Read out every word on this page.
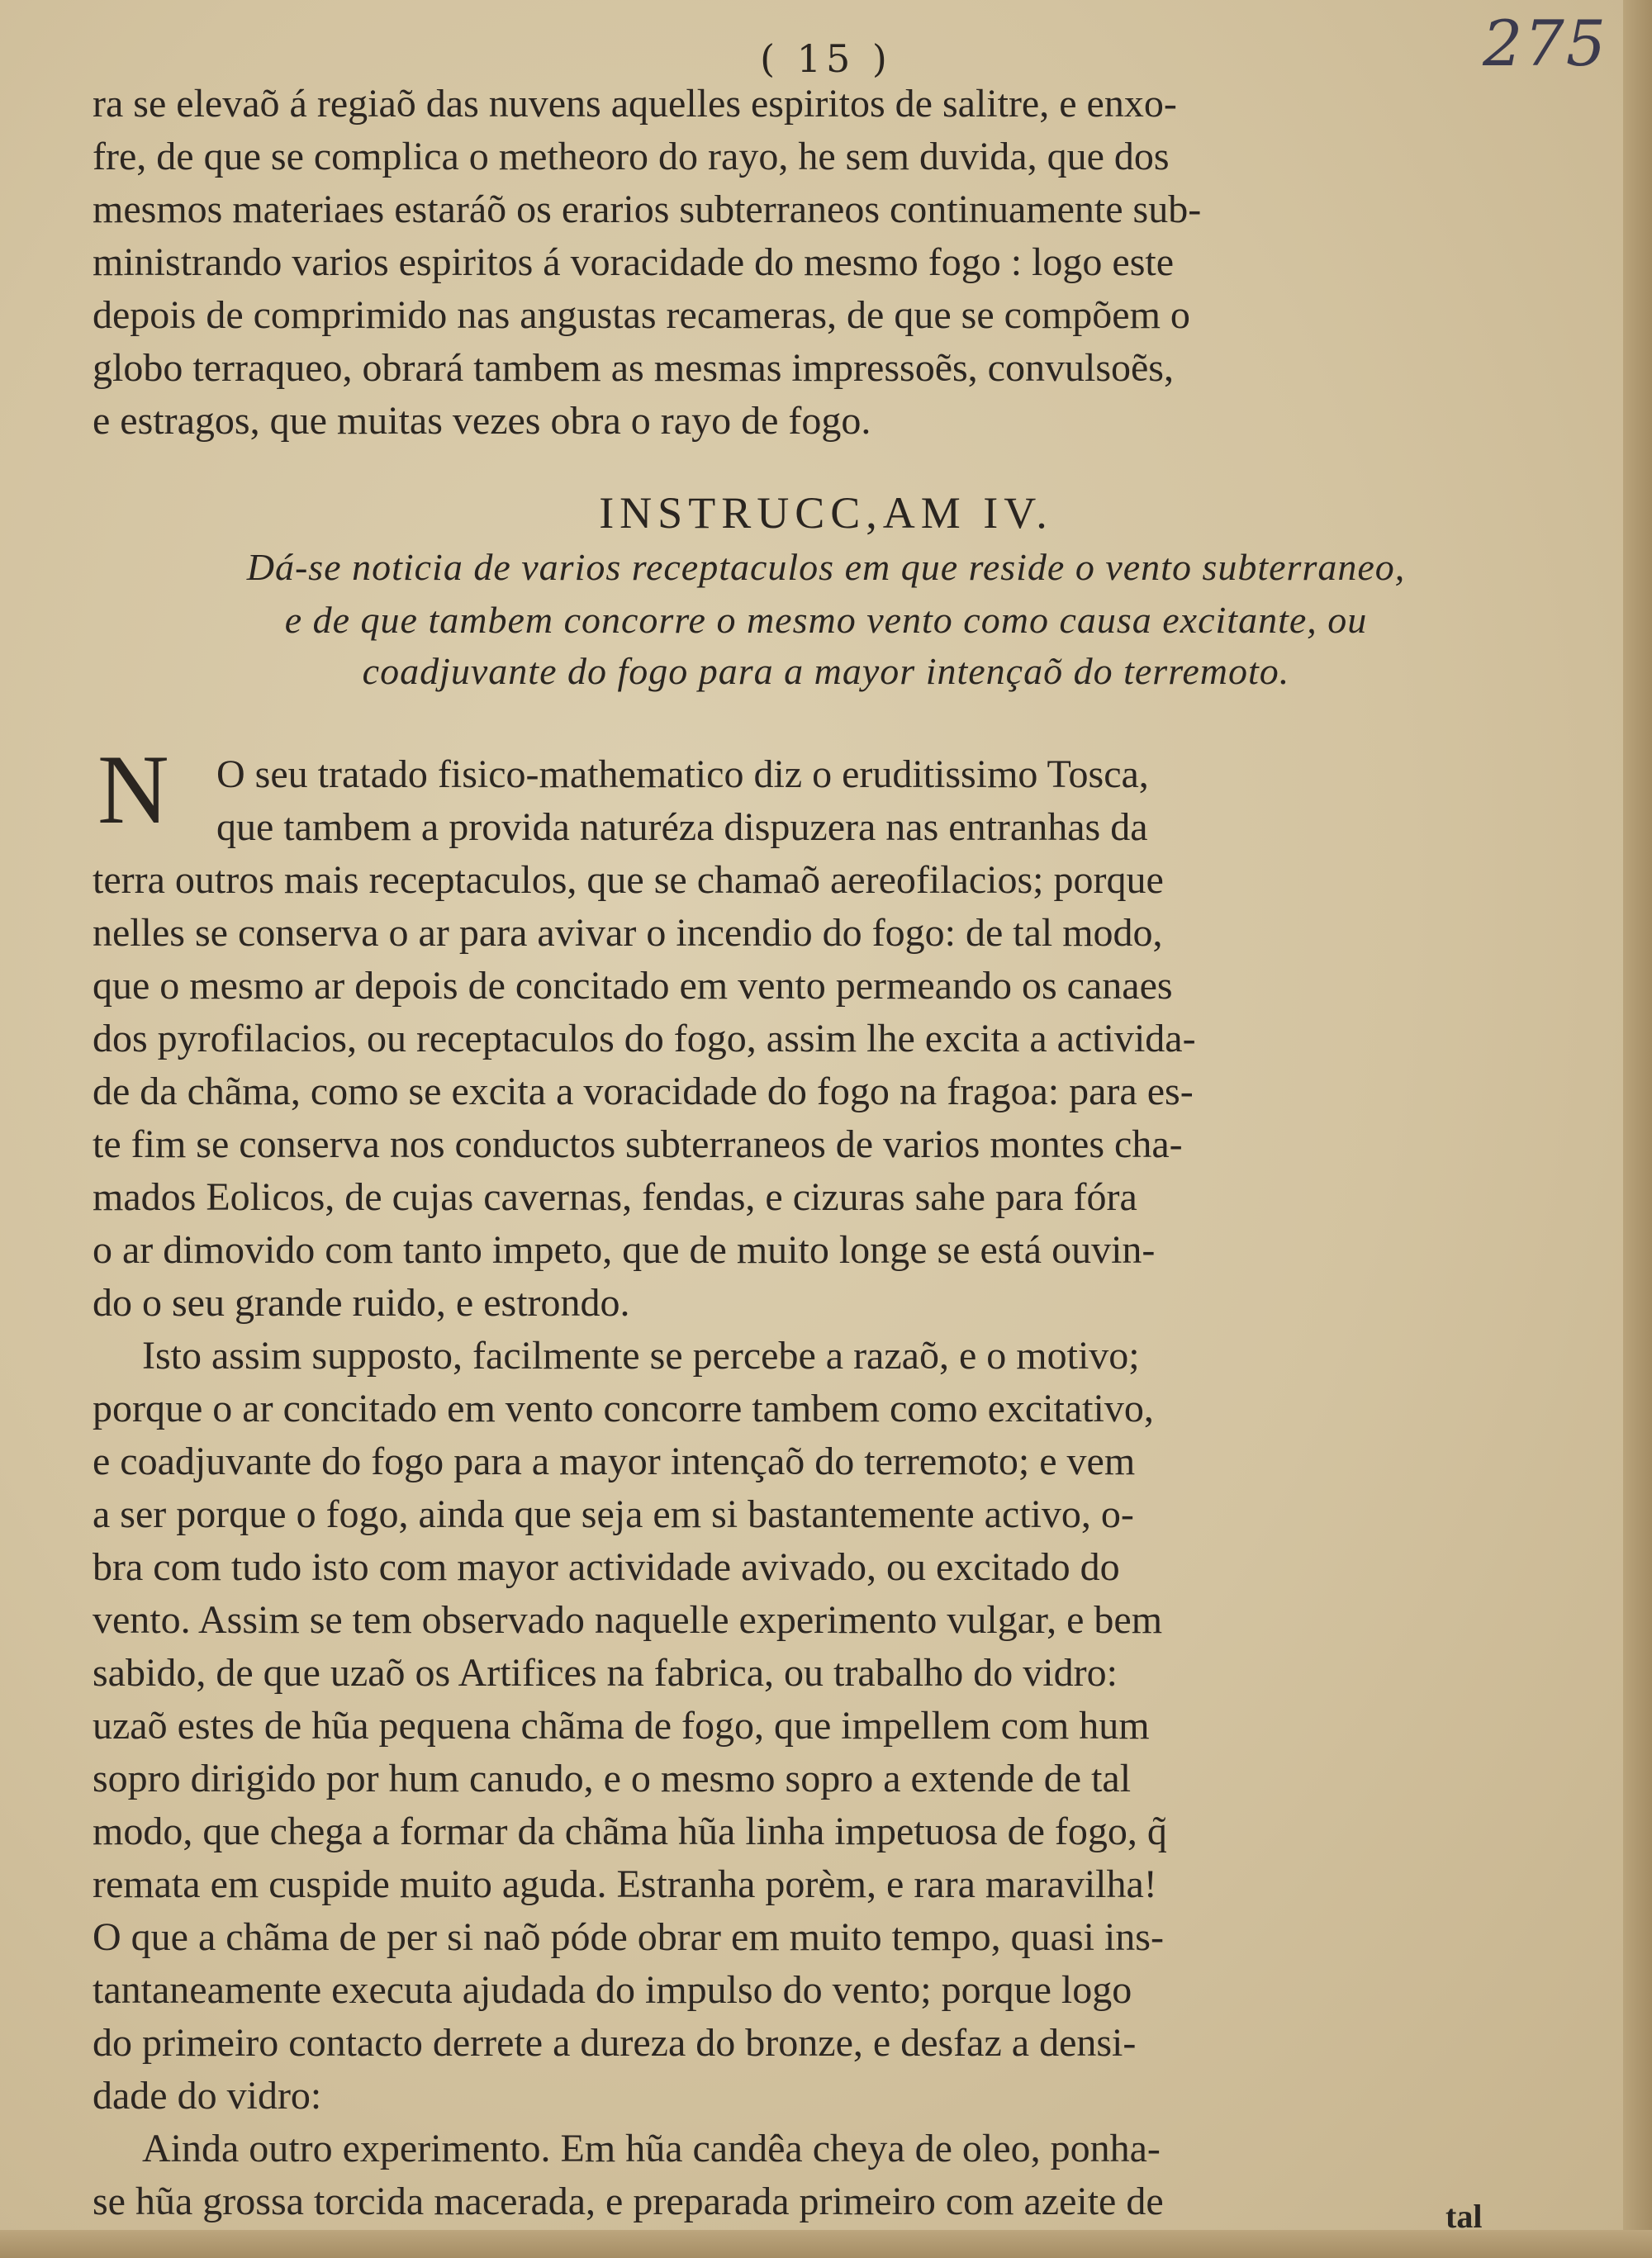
275
( 15 )
ra se elevaõ á regiaõ das nuvens aquelles espiritos de salitre, e enxo-
fre, de que se complica o metheoro do rayo, he sem duvida, que dos
mesmos materiaes estaráõ os erarios subterraneos continuamente sub-
ministrando varios espiritos á voracidade do mesmo fogo : logo este
depois de comprimido nas angustas recameras, de que se compõem o
globo terraqueo, obrará tambem as mesmas impressoẽs, convulsoẽs,
e estragos, que muitas vezes obra o rayo de fogo.
INSTRUCC,AM IV.
Dá-se noticia de varios receptaculos em que reside o vento subterraneo,
e de que tambem concorre o mesmo vento como causa excitante, ou
coadjuvante do fogo para a mayor intençaõ do terremoto.
N O seu tratado fisico-mathematico diz o eruditissimo Tosca,
que tambem a provida naturéza dispuzera nas entranhas da
terra outros mais receptaculos, que se chamaõ aereofilacios; porque
nelles se conserva o ar para avivar o incendio do fogo: de tal modo,
que o mesmo ar depois de concitado em vento permeando os canaes
dos pyrofilacios, ou receptaculos do fogo, assim lhe excita a activida-
de da chãma, como se excita a voracidade do fogo na fragoa: para es-
te fim se conserva nos conductos subterraneos de varios montes cha-
mados Eolicos, de cujas cavernas, fendas, e cizuras sahe para fóra
o ar dimovido com tanto impeto, que de muito longe se está ouvin-
do o seu grande ruido, e estrondo.
Isto assim supposto, facilmente se percebe a razaõ, e o motivo;
porque o ar concitado em vento concorre tambem como excitativo,
e coadjuvante do fogo para a mayor intençaõ do terremoto; e vem
a ser porque o fogo, ainda que seja em si bastantemente activo, o-
bra com tudo isto com mayor actividade avivado, ou excitado do
vento. Assim se tem observado naquelle experimento vulgar, e bem
sabido, de que uzaõ os Artifices na fabrica, ou trabalho do vidro:
uzaõ estes de hũa pequena chãma de fogo, que impellem com hum
sopro dirigido por hum canudo, e o mesmo sopro a extende de tal
modo, que chega a formar da chãma hũa linha impetuosa de fogo, q̃
remata em cuspide muito aguda. Estranha porèm, e rara maravilha!
O que a chãma de per si naõ póde obrar em muito tempo, quasi ins-
tantaneamente executa ajudada do impulso do vento; porque logo
do primeiro contacto derrete a dureza do bronze, e desfaz a densi-
dade do vidro:
Ainda outro experimento. Em hũa candêa cheya de oleo, ponha-
se hũa grossa torcida macerada, e preparada primeiro com azeite de	tal
